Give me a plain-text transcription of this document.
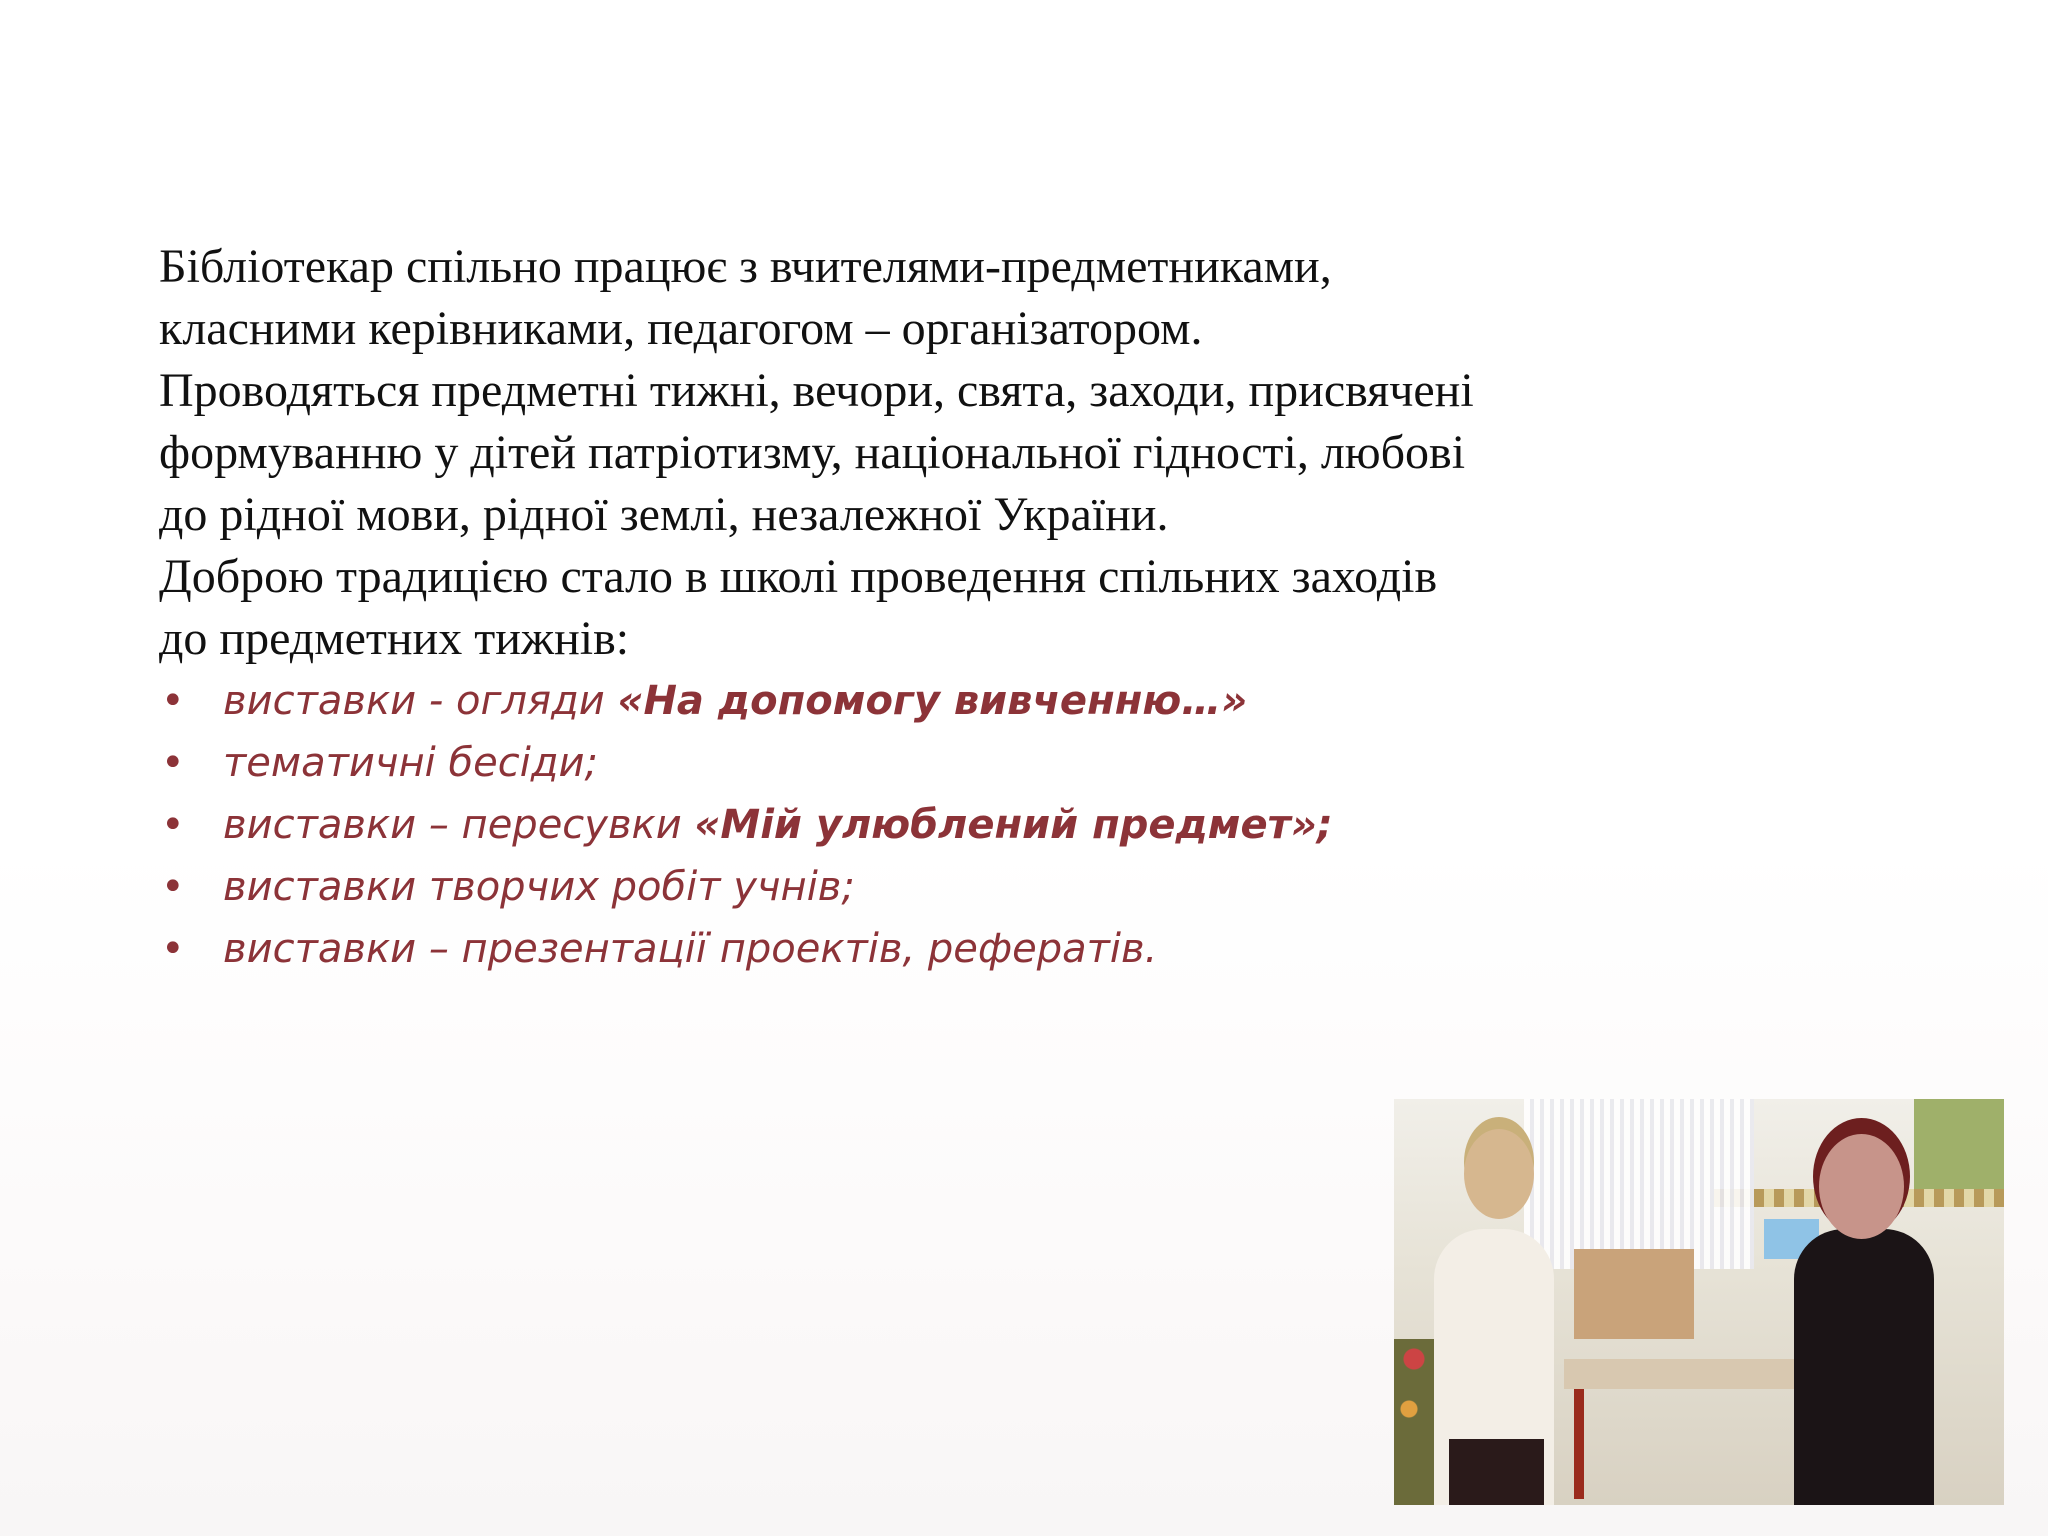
Бібліотекар спільно працює з вчителями-предметниками, класними керівниками, педагогом – організатором.

Проводяться предметні тижні, вечори, свята, заходи, присвячені формуванню у дітей патріотизму, національної гідності, любові до рідної мови, рідної землі, незалежної України.

Доброю традицією стало в школі проведення спільних заходів до предметних тижнів:

• виставки - огляди «На допомогу вивченню…»
• тематичні бесіди;
• виставки – пересувки «Мій улюблений предмет»;
• виставки творчих робіт учнів;
• виставки – презентації проектів, рефератів.
